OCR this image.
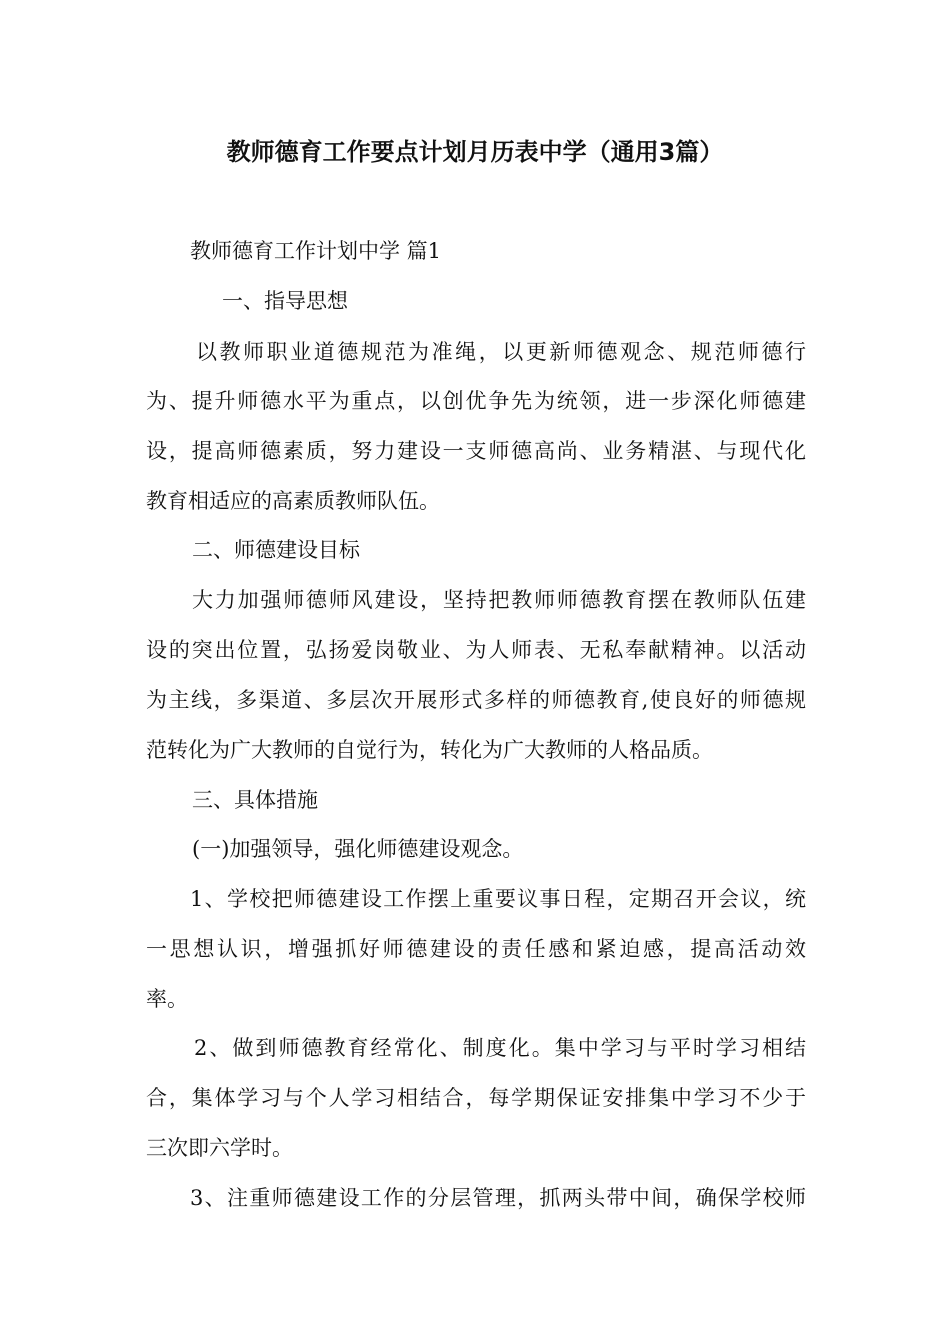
教师德育工作要点计划月历表中学（通用3篇）

教师德育工作计划中学 篇1

一、指导思想

以教师职业道德规范为准绳，以更新师德观念、规范师德行

为、提升师德水平为重点，以创优争先为统领，进一步深化师德建

设，提高师德素质，努力建设一支师德高尚、业务精湛、与现代化

教育相适应的高素质教师队伍。

二、师德建设目标

大力加强师德师风建设，坚持把教师师德教育摆在教师队伍建

设的突出位置，弘扬爱岗敬业、为人师表、无私奉献精神。以活动

为主线，多渠道、多层次开展形式多样的师德教育,使良好的师德规

范转化为广大教师的自觉行为，转化为广大教师的人格品质。

三、具体措施

(一)加强领导，强化师德建设观念。

1、学校把师德建设工作摆上重要议事日程，定期召开会议，统

一思想认识，增强抓好师德建设的责任感和紧迫感，提高活动效

率。

2、做到师德教育经常化、制度化。集中学习与平时学习相结

合，集体学习与个人学习相结合，每学期保证安排集中学习不少于

三次即六学时。

3、注重师德建设工作的分层管理，抓两头带中间，确保学校师
